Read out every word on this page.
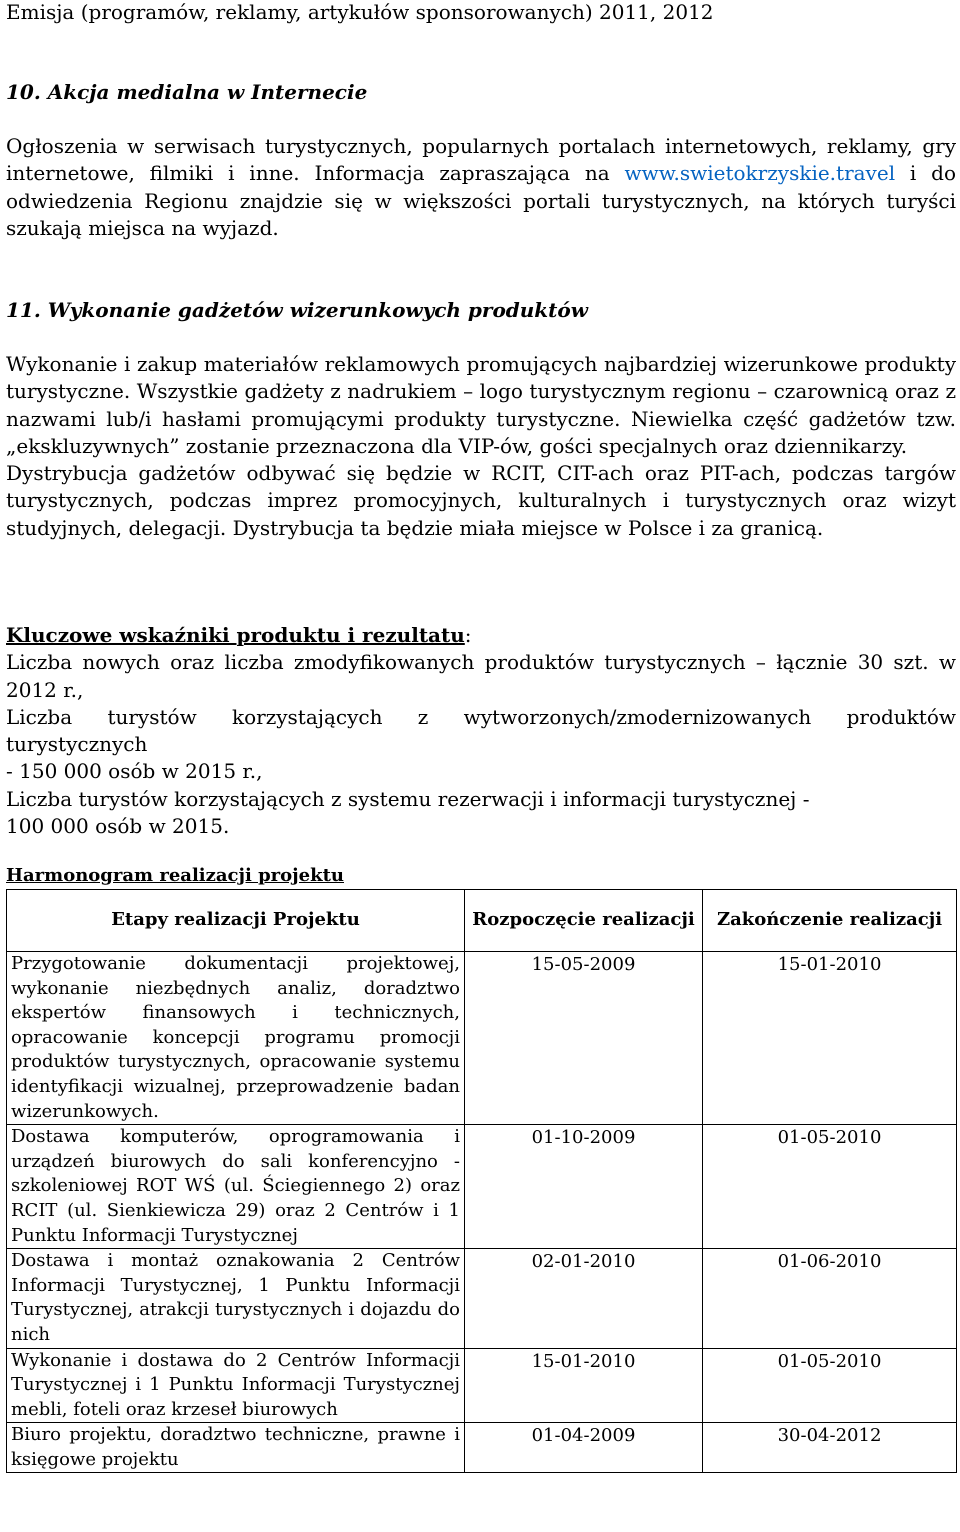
Emisja (programów, reklamy, artykułów sponsorowanych) 2011, 2012
10. Akcja medialna w Internecie

Ogłoszenia w serwisach turystycznych, popularnych portalach internetowych, reklamy, gry internetowe, filmiki i inne. Informacja zapraszająca na www.swietokrzyskie.travel i do odwiedzenia Regionu znajdzie się w większości portali turystycznych, na których turyści szukają miejsca na wyjazd.

11. Wykonanie gadżetów wizerunkowych produktów

Wykonanie i zakup materiałów reklamowych promujących najbardziej wizerunkowe produkty turystyczne. Wszystkie gadżety z nadrukiem – logo turystycznym regionu – czarownicą oraz z nazwami lub/i hasłami promującymi produkty turystyczne. Niewielka część gadżetów tzw. „ekskluzywnych” zostanie przeznaczona dla VIP-ów, gości specjalnych oraz dziennikarzy.

Dystrybucja gadżetów odbywać się będzie w RCIT, CIT-ach oraz PIT-ach, podczas targów turystycznych, podczas imprez promocyjnych, kulturalnych i turystycznych oraz wizyt studyjnych, delegacji. Dystrybucja ta będzie miała miejsce w Polsce i za granicą.

Kluczowe wskaźniki produktu i rezultatu:

Liczba nowych oraz liczba zmodyfikowanych produktów turystycznych – łącznie 30 szt. w 2012 r.,

Liczba turystów korzystających z wytworzonych/zmodernizowanych produktów turystycznych

- 150 000 osób w 2015 r.,

Liczba turystów korzystających z systemu rezerwacji i informacji turystycznej -

100 000 osób w 2015.

Harmonogram realizacji projektu
Etapy realizacji Projektu	Rozpoczęcie realizacji	Zakończenie realizacji
Przygotowanie dokumentacji projektowej, wykonanie niezbędnych analiz, doradztwo ekspertów finansowych i technicznych, opracowanie koncepcji programu promocji produktów turystycznych, opracowanie systemu identyfikacji wizualnej, przeprowadzenie badan wizerunkowych.	15-05-2009	15-01-2010
Dostawa komputerów, oprogramowania i urządzeń biurowych do sali konferencyjno - szkoleniowej ROT WŚ (ul. Ściegiennego 2) oraz RCIT (ul. Sienkiewicza 29) oraz 2 Centrów i 1 Punktu Informacji Turystycznej	01-10-2009	01-05-2010
Dostawa i montaż oznakowania 2 Centrów Informacji Turystycznej, 1 Punktu Informacji Turystycznej, atrakcji turystycznych i dojazdu do nich	02-01-2010	01-06-2010
Wykonanie i dostawa do 2 Centrów Informacji Turystycznej i 1 Punktu Informacji Turystycznej mebli, foteli oraz krzeseł biurowych	15-01-2010	01-05-2010
Biuro projektu, doradztwo techniczne, prawne i księgowe projektu	01-04-2009	30-04-2012
